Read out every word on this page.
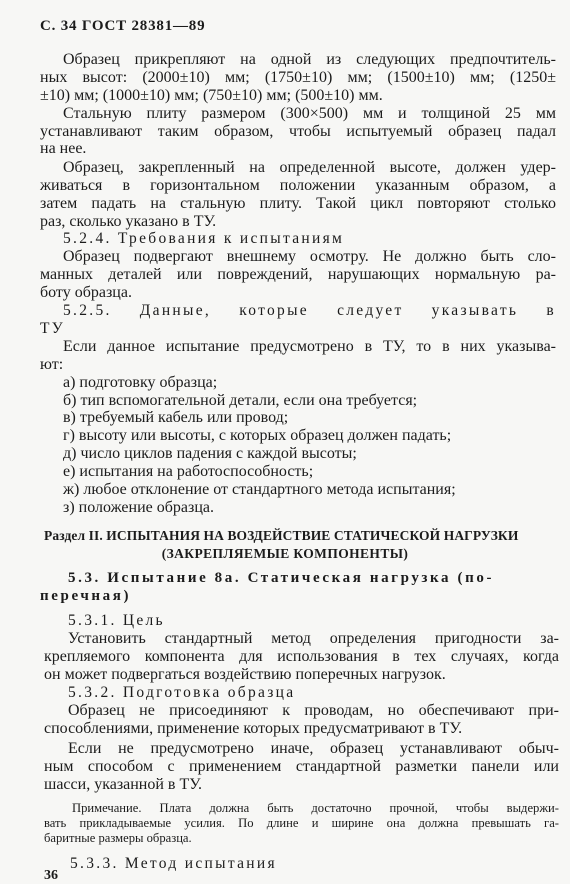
С. 34 ГОСТ 28381—89
Образец прикрепляют на одной из следующих предпочтитель-
ных высот: (2000±10) мм; (1750±10) мм; (1500±10) мм; (1250±
±10) мм; (1000±10) мм; (750±10) мм; (500±10) мм.
Стальную плиту размером (300×500) мм и толщиной 25 мм
устанавливают таким образом, чтобы испытуемый образец падал
на нее.
Образец, закрепленный на определенной высоте, должен удер-
живаться в горизонтальном положении указанным образом, а
затем падать на стальную плиту. Такой цикл повторяют столько
раз, сколько указано в ТУ.
5.2.4. Требования к испытаниям
Образец подвергают внешнему осмотру. Не должно быть сло-
манных деталей или повреждений, нарушающих нормальную ра-
боту образца.
5.2.5. Данные, которые следует указывать в
ТУ
Если данное испытание предусмотрено в ТУ, то в них указыва-
ют:
а) подготовку образца;
б) тип вспомогательной детали, если она требуется;
в) требуемый кабель или провод;
г) высоту или высоты, с которых образец должен падать;
д) число циклов падения с каждой высоты;
е) испытания на работоспособность;
ж) любое отклонение от стандартного метода испытания;
з) положение образца.
Раздел II. ИСПЫТАНИЯ НА ВОЗДЕЙСТВИЕ СТАТИЧЕСКОЙ НАГРУЗКИ
(ЗАКРЕПЛЯЕМЫЕ КОМПОНЕНТЫ)
5.3. Испытание 8а. Статическая нагрузка (по-
перечная)
5.3.1. Цель
Установить стандартный метод определения пригодности за-
крепляемого компонента для использования в тех случаях, когда
он может подвергаться воздействию поперечных нагрузок.
5.3.2. Подготовка образца
Образец не присоединяют к проводам, но обеспечивают при-
способлениями, применение которых предусматривают в ТУ.
Если не предусмотрено иначе, образец устанавливают обыч-
ным способом с применением стандартной разметки панели или
шасси, указанной в ТУ.
Примечание. Плата должна быть достаточно прочной, чтобы выдержи-
вать прикладываемые усилия. По длине и ширине она должна превышать га-
баритные размеры образца.
5.3.3. Метод испытания
36
